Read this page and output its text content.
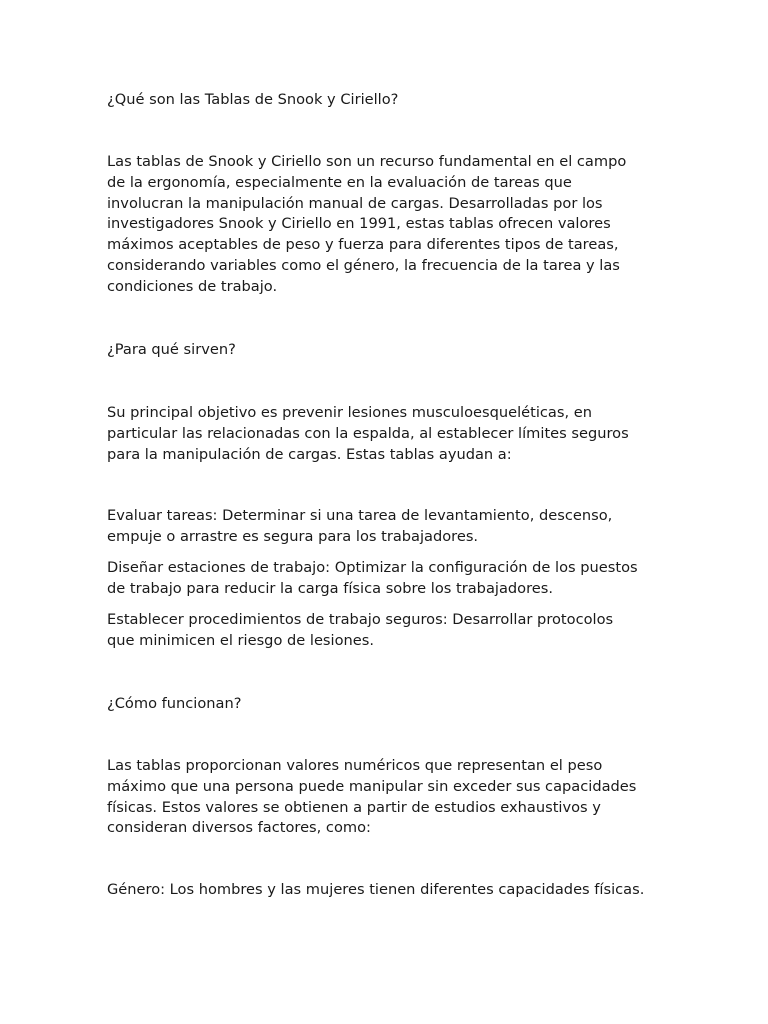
¿Qué son las Tablas de Snook y Ciriello?

Las tablas de Snook y Ciriello son un recurso fundamental en el campo
de la ergonomía, especialmente en la evaluación de tareas que
involucran la manipulación manual de cargas. Desarrolladas por los
investigadores Snook y Ciriello en 1991, estas tablas ofrecen valores
máximos aceptables de peso y fuerza para diferentes tipos de tareas,
considerando variables como el género, la frecuencia de la tarea y las
condiciones de trabajo.

¿Para qué sirven?

Su principal objetivo es prevenir lesiones musculoesqueléticas, en
particular las relacionadas con la espalda, al establecer límites seguros
para la manipulación de cargas. Estas tablas ayudan a:

Evaluar tareas: Determinar si una tarea de levantamiento, descenso,
empuje o arrastre es segura para los trabajadores.

Diseñar estaciones de trabajo: Optimizar la configuración de los puestos
de trabajo para reducir la carga física sobre los trabajadores.

Establecer procedimientos de trabajo seguros: Desarrollar protocolos
que minimicen el riesgo de lesiones.

¿Cómo funcionan?

Las tablas proporcionan valores numéricos que representan el peso
máximo que una persona puede manipular sin exceder sus capacidades
físicas. Estos valores se obtienen a partir de estudios exhaustivos y
consideran diversos factores, como:

Género: Los hombres y las mujeres tienen diferentes capacidades físicas.
